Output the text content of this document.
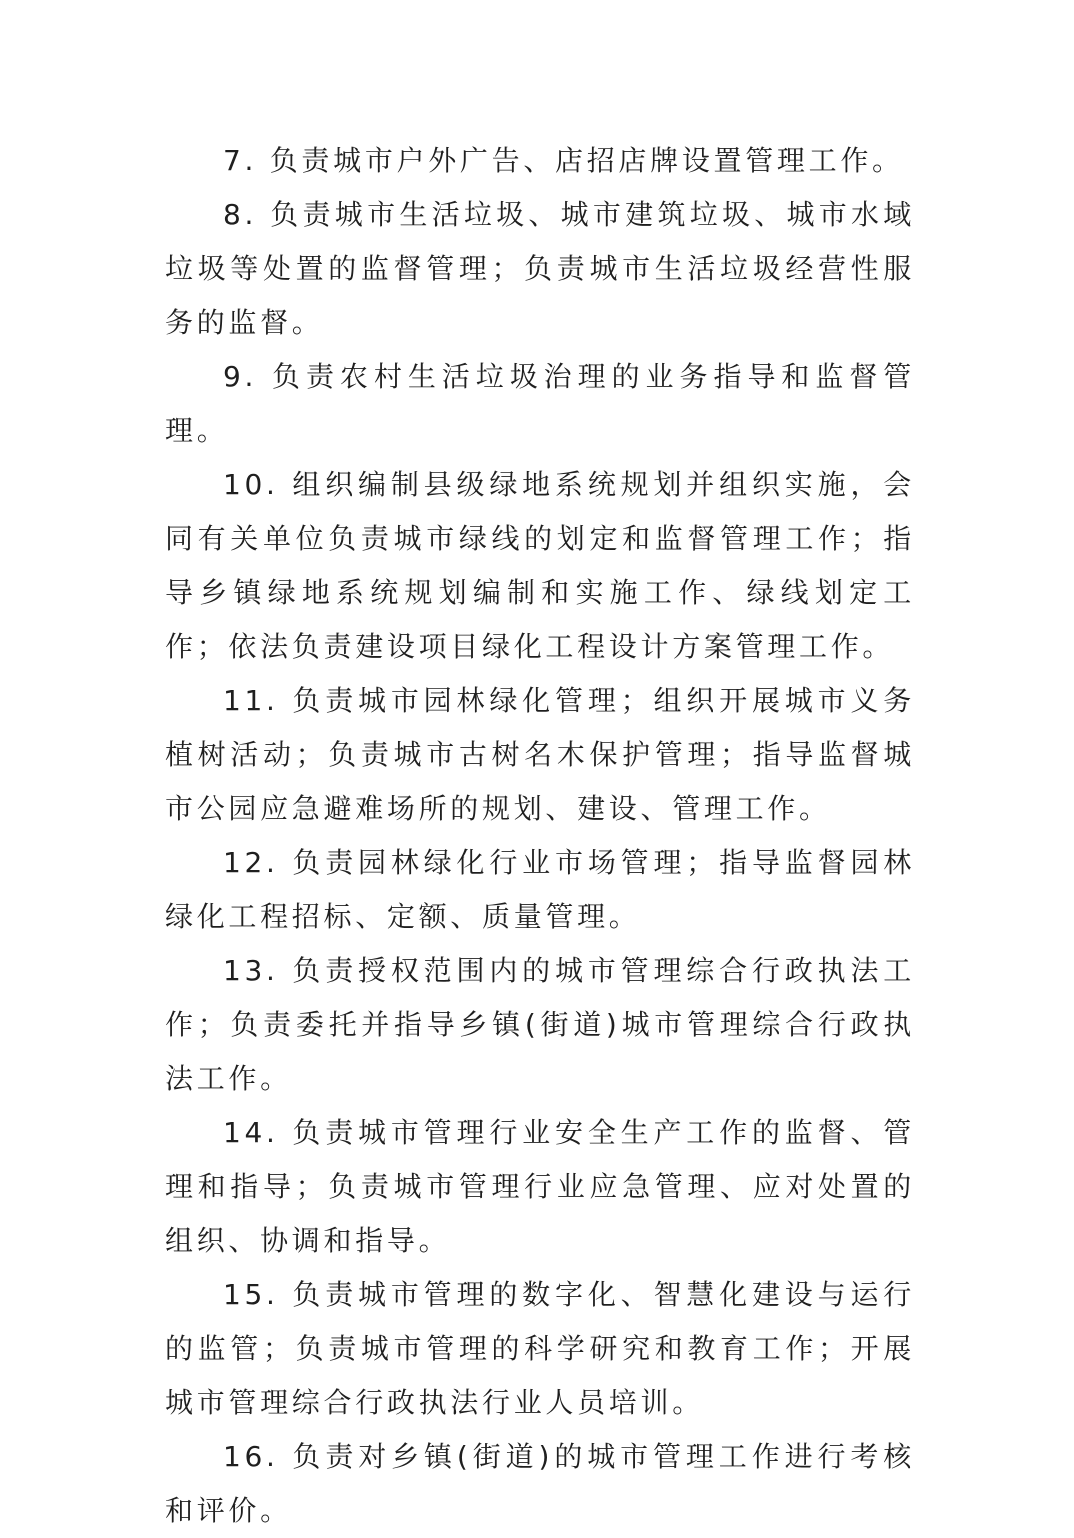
7. 负责城市户外广告、店招店牌设置管理工作。

8. 负责城市生活垃圾、城市建筑垃圾、城市水域垃圾等处置的监督管理；负责城市生活垃圾经营性服务的监督。

9. 负责农村生活垃圾治理的业务指导和监督管理。

10. 组织编制县级绿地系统规划并组织实施，会同有关单位负责城市绿线的划定和监督管理工作；指导乡镇绿地系统规划编制和实施工作、绿线划定工作；依法负责建设项目绿化工程设计方案管理工作。

11. 负责城市园林绿化管理；组织开展城市义务植树活动；负责城市古树名木保护管理；指导监督城市公园应急避难场所的规划、建设、管理工作。

12. 负责园林绿化行业市场管理；指导监督园林绿化工程招标、定额、质量管理。

13. 负责授权范围内的城市管理综合行政执法工作；负责委托并指导乡镇(街道)城市管理综合行政执法工作。

14. 负责城市管理行业安全生产工作的监督、管理和指导；负责城市管理行业应急管理、应对处置的组织、协调和指导。

15. 负责城市管理的数字化、智慧化建设与运行的监管；负责城市管理的科学研究和教育工作；开展城市管理综合行政执法行业人员培训。

16. 负责对乡镇(街道)的城市管理工作进行考核和评价。
